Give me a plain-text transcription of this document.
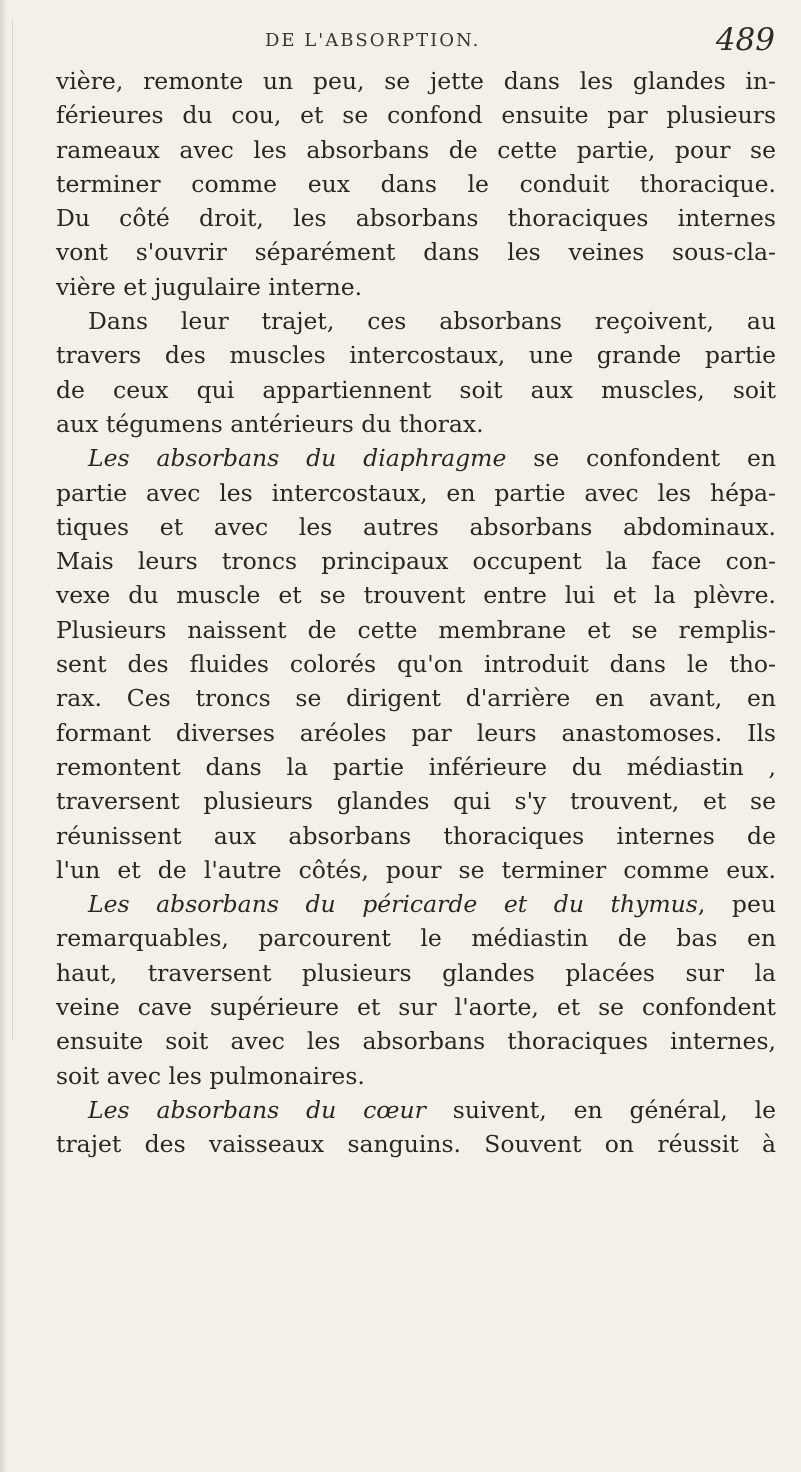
DE L'ABSORPTION.	489
vière, remonte un peu, se jette dans les glandes in-
férieures du cou, et se confond ensuite par plusieurs
rameaux avec les absorbans de cette partie, pour se
terminer comme eux dans le conduit thoracique.
Du côté droit, les absorbans thoraciques internes
vont s'ouvrir séparément dans les veines sous-cla-
vière et jugulaire interne.
Dans leur trajet, ces absorbans reçoivent, au
travers des muscles intercostaux, une grande partie
de ceux qui appartiennent soit aux muscles, soit
aux tégumens antérieurs du thorax.
Les absorbans du diaphragme se confondent en
partie avec les intercostaux, en partie avec les hépa-
tiques et avec les autres absorbans abdominaux.
Mais leurs troncs principaux occupent la face con-
vexe du muscle et se trouvent entre lui et la plèvre.
Plusieurs naissent de cette membrane et se remplis-
sent des fluides colorés qu'on introduit dans le tho-
rax. Ces troncs se dirigent d'arrière en avant, en
formant diverses aréoles par leurs anastomoses. Ils
remontent dans la partie inférieure du médiastin ,
traversent plusieurs glandes qui s'y trouvent, et se
réunissent aux absorbans thoraciques internes de
l'un et de l'autre côtés, pour se terminer comme eux.
Les absorbans du péricarde et du thymus, peu
remarquables, parcourent le médiastin de bas en
haut, traversent plusieurs glandes placées sur la
veine cave supérieure et sur l'aorte, et se confondent
ensuite soit avec les absorbans thoraciques internes,
soit avec les pulmonaires.
Les absorbans du cœur suivent, en général, le
trajet des vaisseaux sanguins. Souvent on réussit à
